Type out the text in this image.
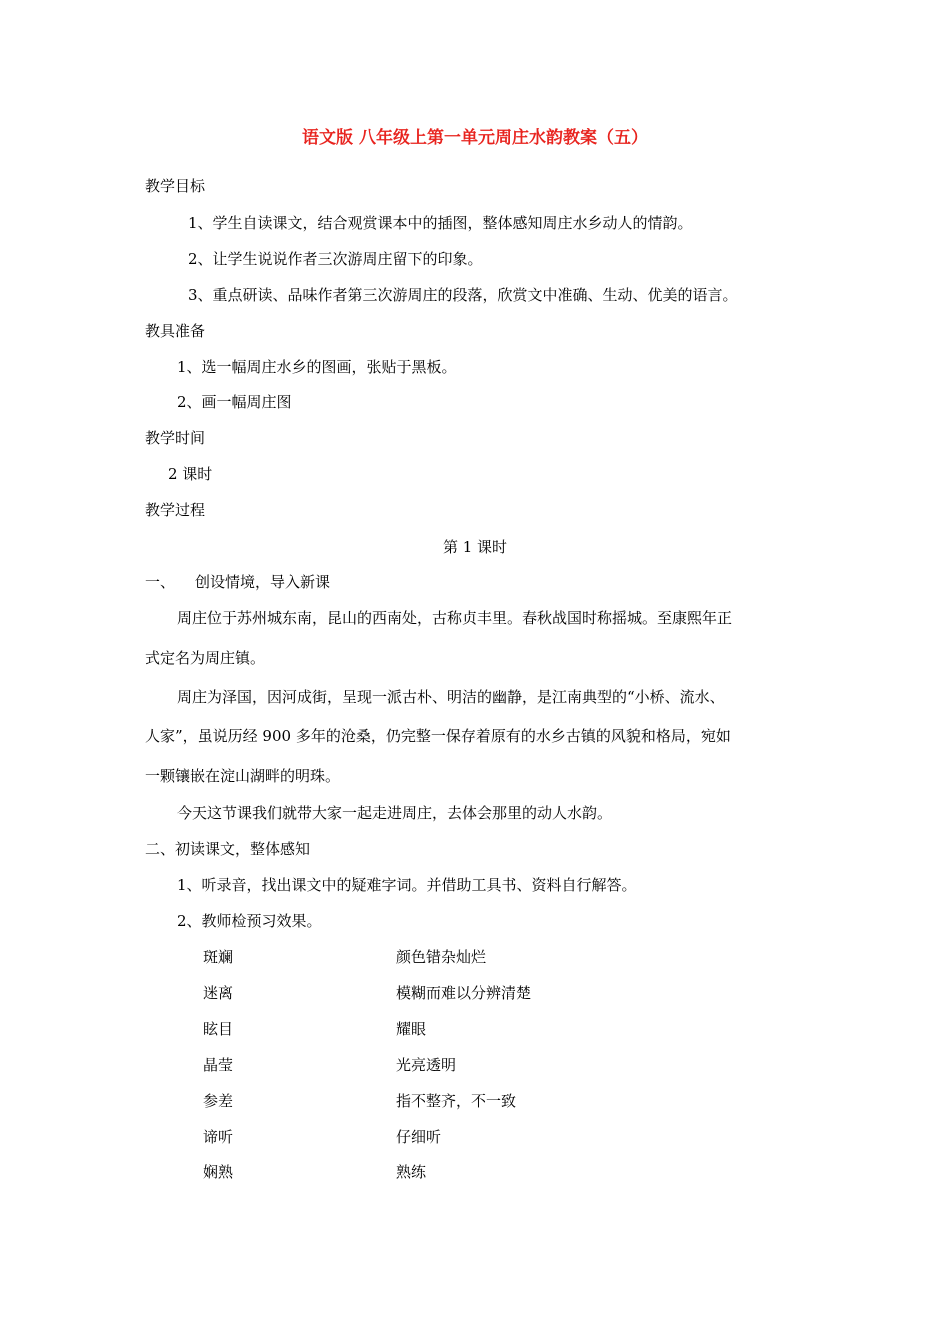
语文版 八年级上第一单元周庄水韵教案（五）
教学目标
1、学生自读课文，结合观赏课本中的插图，整体感知周庄水乡动人的情韵。
2、让学生说说作者三次游周庄留下的印象。
3、重点研读、品味作者第三次游周庄的段落，欣赏文中准确、生动、优美的语言。
教具准备
1、选一幅周庄水乡的图画，张贴于黑板。
2、画一幅周庄图
教学时间
2 课时
教学过程
第 1 课时
一、 创设情境，导入新课
周庄位于苏州城东南，昆山的西南处，古称贞丰里。春秋战国时称摇城。至康熙年正
式定名为周庄镇。
周庄为泽国，因河成街，呈现一派古朴、明洁的幽静，是江南典型的“小桥、流水、
人家”，虽说历经 900 多年的沧桑，仍完整一保存着原有的水乡古镇的风貌和格局，宛如
一颗镶嵌在淀山湖畔的明珠。
今天这节课我们就带大家一起走进周庄，去体会那里的动人水韵。
二、初读课文，整体感知
1、听录音，找出课文中的疑难字词。并借助工具书、资料自行解答。
2、教师检预习效果。
斑斓	颜色错杂灿烂
迷离	模糊而难以分辨清楚
眩目	耀眼
晶莹	光亮透明
参差	指不整齐，不一致
谛听	仔细听
娴熟	熟练
